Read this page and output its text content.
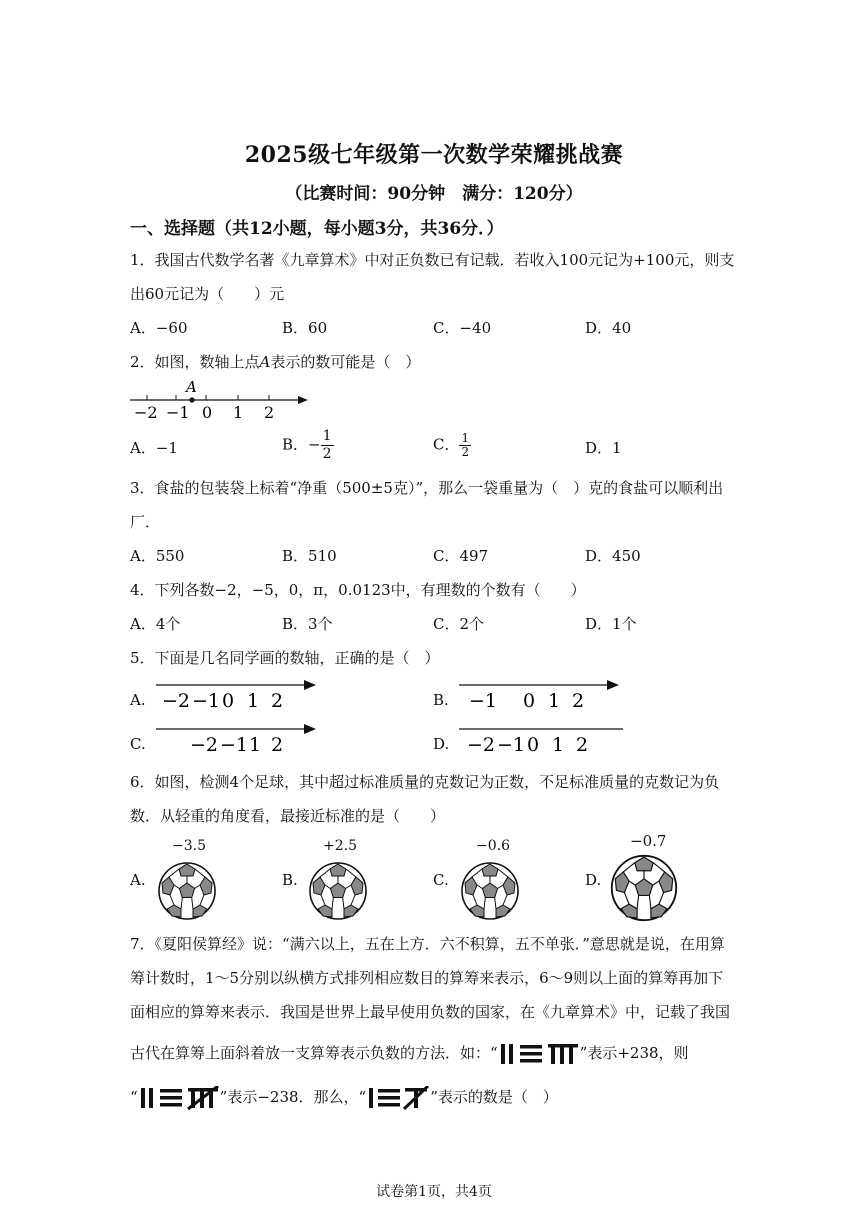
2025级七年级第一次数学荣耀挑战赛
（比赛时间：90分钟　满分：120分）
一、选择题（共12小题，每小题3分，共36分．）
1．我国古代数学名著《九章算术》中对正负数已有记载．若收入100元记为+100元，则支
出60元记为（　　）元
A．−60	B．60	C．−40	D．40
2．如图，数轴上点A表示的数可能是（　）
A
−2 −1 0 1 2
A．−1	B．− $\frac{1}{2}$	C． $\frac{1}{2}$	D．1
3．食盐的包装袋上标着“净重（500±5克）”，那么一袋重量为（　）克的食盐可以顺利出
厂．
A．550	B．510	C．497	D．450
4．下列各数−2，−5，0，π，0.0123中，有理数的个数有（　　）
A．4个	B．3个	C．2个	D．1个
5．下面是几名同学画的数轴，正确的是（　）
A. −2 −1 0 1 2	B. −1 0 1 2
C. −2 −1 1 2	D. −2 −1 0 1 2
6．如图，检测4个足球，其中超过标准质量的克数记为正数，不足标准质量的克数记为负
数．从轻重的角度看，最接近标准的是（　　）
A.
−3.5
B.
+2.5
C.
−0.6
D.
−0.7
7．《夏阳侯算经》说：“满六以上，五在上方．六不积算，五不单张．”意思就是说，在用算
筹计数时，1～5分别以纵横方式排列相应数目的算筹来表示，6～9则以上面的算筹再加下
面相应的算筹来表示．我国是世界上最早使用负数的国家，在《九章算术》中，记载了我国
古代在算筹上面斜着放一支算筹表示负数的方法．如：“	”表示+238，则
“	”表示−238．那么，“	”表示的数是（　）
试卷第1页，共4页
